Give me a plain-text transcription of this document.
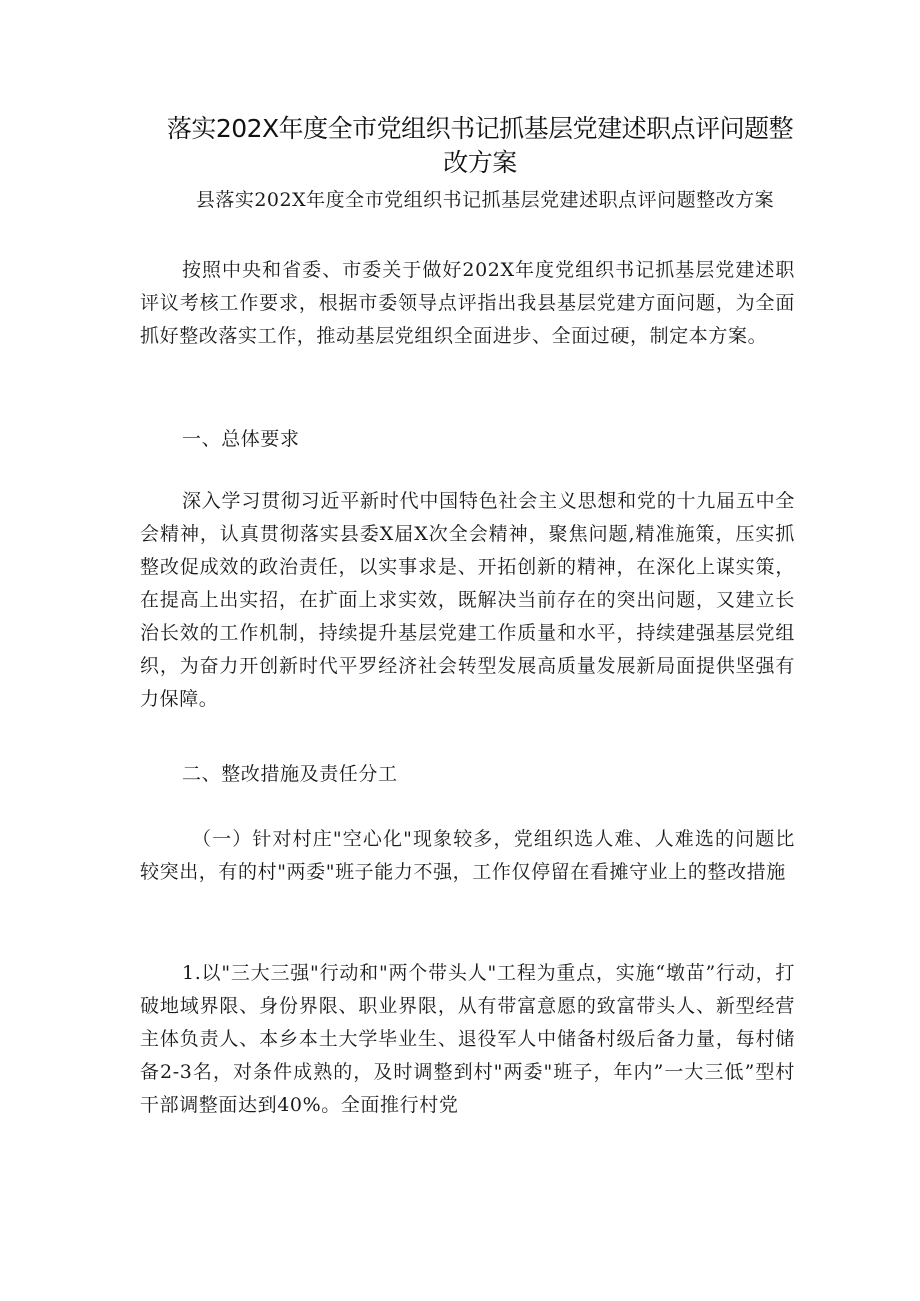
落实202X年度全市党组织书记抓基层党建述职点评问题整
改方案
县落实202X年度全市党组织书记抓基层党建述职点评问题整改方案
按照中央和省委、市委关于做好202X年度党组织书记抓基层党建述职评议考核工作要求，根据市委领导点评指出我县基层党建方面问题，为全面抓好整改落实工作，推动基层党组织全面进步、全面过硬，制定本方案。
一、总体要求
深入学习贯彻习近平新时代中国特色社会主义思想和党的十九届五中全会精神，认真贯彻落实县委X届X次全会精神，聚焦问题,精准施策，压实抓整改促成效的政治责任，以实事求是、开拓创新的精神，在深化上谋实策，在提高上出实招，在扩面上求实效，既解决当前存在的突出问题，又建立长治长效的工作机制，持续提升基层党建工作质量和水平，持续建强基层党组织，为奋力开创新时代平罗经济社会转型发展高质量发展新局面提供坚强有力保障。
二、整改措施及责任分工
（一）针对村庄"空心化"现象较多，党组织选人难、人难选的问题比较突出，有的村"两委"班子能力不强，工作仅停留在看摊守业上的整改措施
1.以"三大三强"行动和"两个带头人"工程为重点，实施“墩苗”行动，打破地域界限、身份界限、职业界限，从有带富意愿的致富带头人、新型经营主体负责人、本乡本土大学毕业生、退役军人中储备村级后备力量，每村储备2-3名，对条件成熟的，及时调整到村"两委"班子，年内”一大三低”型村干部调整面达到40%。全面推行村党
